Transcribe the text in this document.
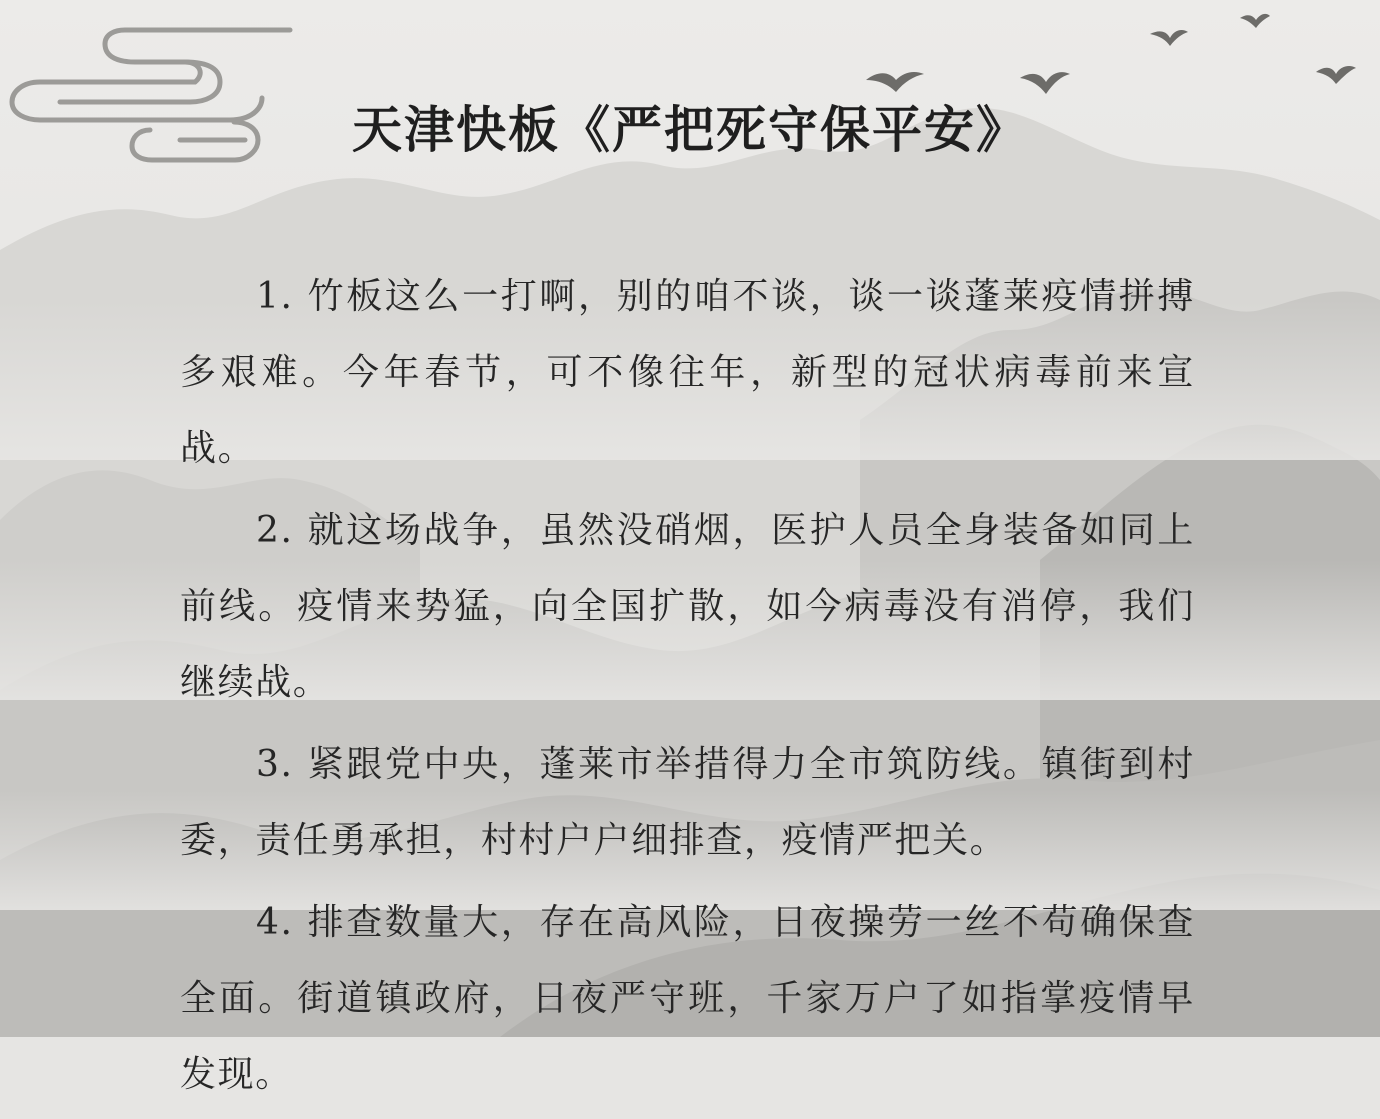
天津快板《严把死守保平安》

1. 竹板这么一打啊，别的咱不谈，谈一谈蓬莱疫情拼搏多艰难。今年春节，可不像往年，新型的冠状病毒前来宣战。

2. 就这场战争，虽然没硝烟，医护人员全身装备如同上前线。疫情来势猛，向全国扩散，如今病毒没有消停，我们继续战。

3. 紧跟党中央，蓬莱市举措得力全市筑防线。镇街到村委，责任勇承担，村村户户细排查，疫情严把关。

4. 排查数量大，存在高风险，日夜操劳一丝不苟确保查全面。街道镇政府，日夜严守班，千家万户了如指掌疫情早发现。
